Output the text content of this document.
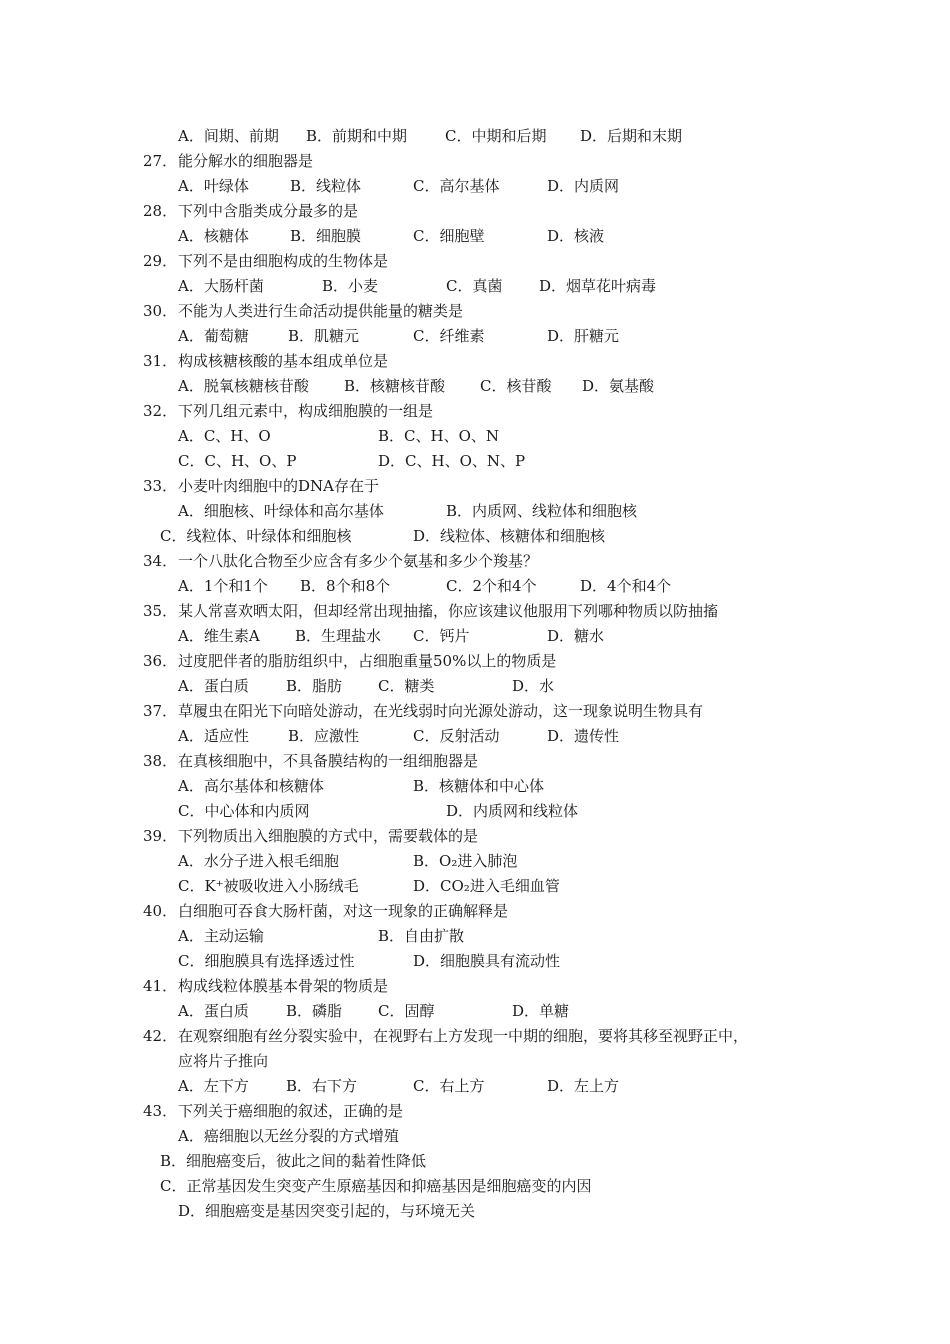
A．间期、前期 B．前期和中期	C．中期和后期 D．后期和末期
27． 能分解水的细胞器是
A．叶绿体	B．线粒体	C．高尔基体	D．内质网
28． 下列中含脂类成分最多的是
A．核糖体	B．细胞膜	C．细胞壁	D．核液
29． 下列不是由细胞构成的生物体是
A．大肠杆菌	B．小麦	C．真菌 D．烟草花叶病毒
30． 不能为人类进行生命活动提供能量的糖类是
A．葡萄糖	B．肌糖元	C．纤维素	D．肝糖元
31． 构成核糖核酸的基本组成单位是
A．脱氧核糖核苷酸 B．核糖核苷酸 C．核苷酸 D．氨基酸
32． 下列几组元素中，构成细胞膜的一组是
A．C、H、O	B．C、H、O、N
C．C、H、O、P	D．C、H、O、N、P
33． 小麦叶肉细胞中的DNA存在于
A．细胞核、叶绿体和高尔基体	B．内质网、线粒体和细胞核
C．线粒体、叶绿体和细胞核	D．线粒体、核糖体和细胞核
34． 一个八肽化合物至少应含有多少个氨基和多少个羧基？
A．1个和1个 B．8个和8个	C．2个和4个	D．4个和4个
35． 某人常喜欢晒太阳，但却经常出现抽搐，你应该建议他服用下列哪种物质以防抽搐
A．维生素A B．生理盐水 C．钙片	D．糖水
36． 过度肥伴者的脂肪组织中，占细胞重量50%以上的物质是
A．蛋白质 B．脂肪 C．糖类	D．水
37． 草履虫在阳光下向暗处游动，在光线弱时向光源处游动，这一现象说明生物具有
A．适应性	B．应激性	C．反射活动	D．遗传性
38． 在真核细胞中，不具备膜结构的一组细胞器是
A．高尔基体和核糖体	B．核糖体和中心体
C．中心体和内质网	D．内质网和线粒体
39． 下列物质出入细胞膜的方式中，需要载体的是
A．水分子进入根毛细胞	B．O₂进入肺泡
C．K⁺被吸收进入小肠绒毛	D．CO₂进入毛细血管
40． 白细胞可吞食大肠杆菌，对这一现象的正确解释是
A．主动运输	B．自由扩散
C．细胞膜具有选择透过性	D．细胞膜具有流动性
41． 构成线粒体膜基本骨架的物质是
A．蛋白质 B．磷脂 C．固醇	D．单糖
42． 在观察细胞有丝分裂实验中，在视野右上方发现一中期的细胞，要将其移至视野正中，
应将片子推向
A．左下方 B．右下方	C．右上方	D．左上方
43． 下列关于癌细胞的叙述，正确的是
A．癌细胞以无丝分裂的方式增殖
B．细胞癌变后，彼此之间的黏着性降低
C．正常基因发生突变产生原癌基因和抑癌基因是细胞癌变的内因
D．细胞癌变是基因突变引起的，与环境无关
